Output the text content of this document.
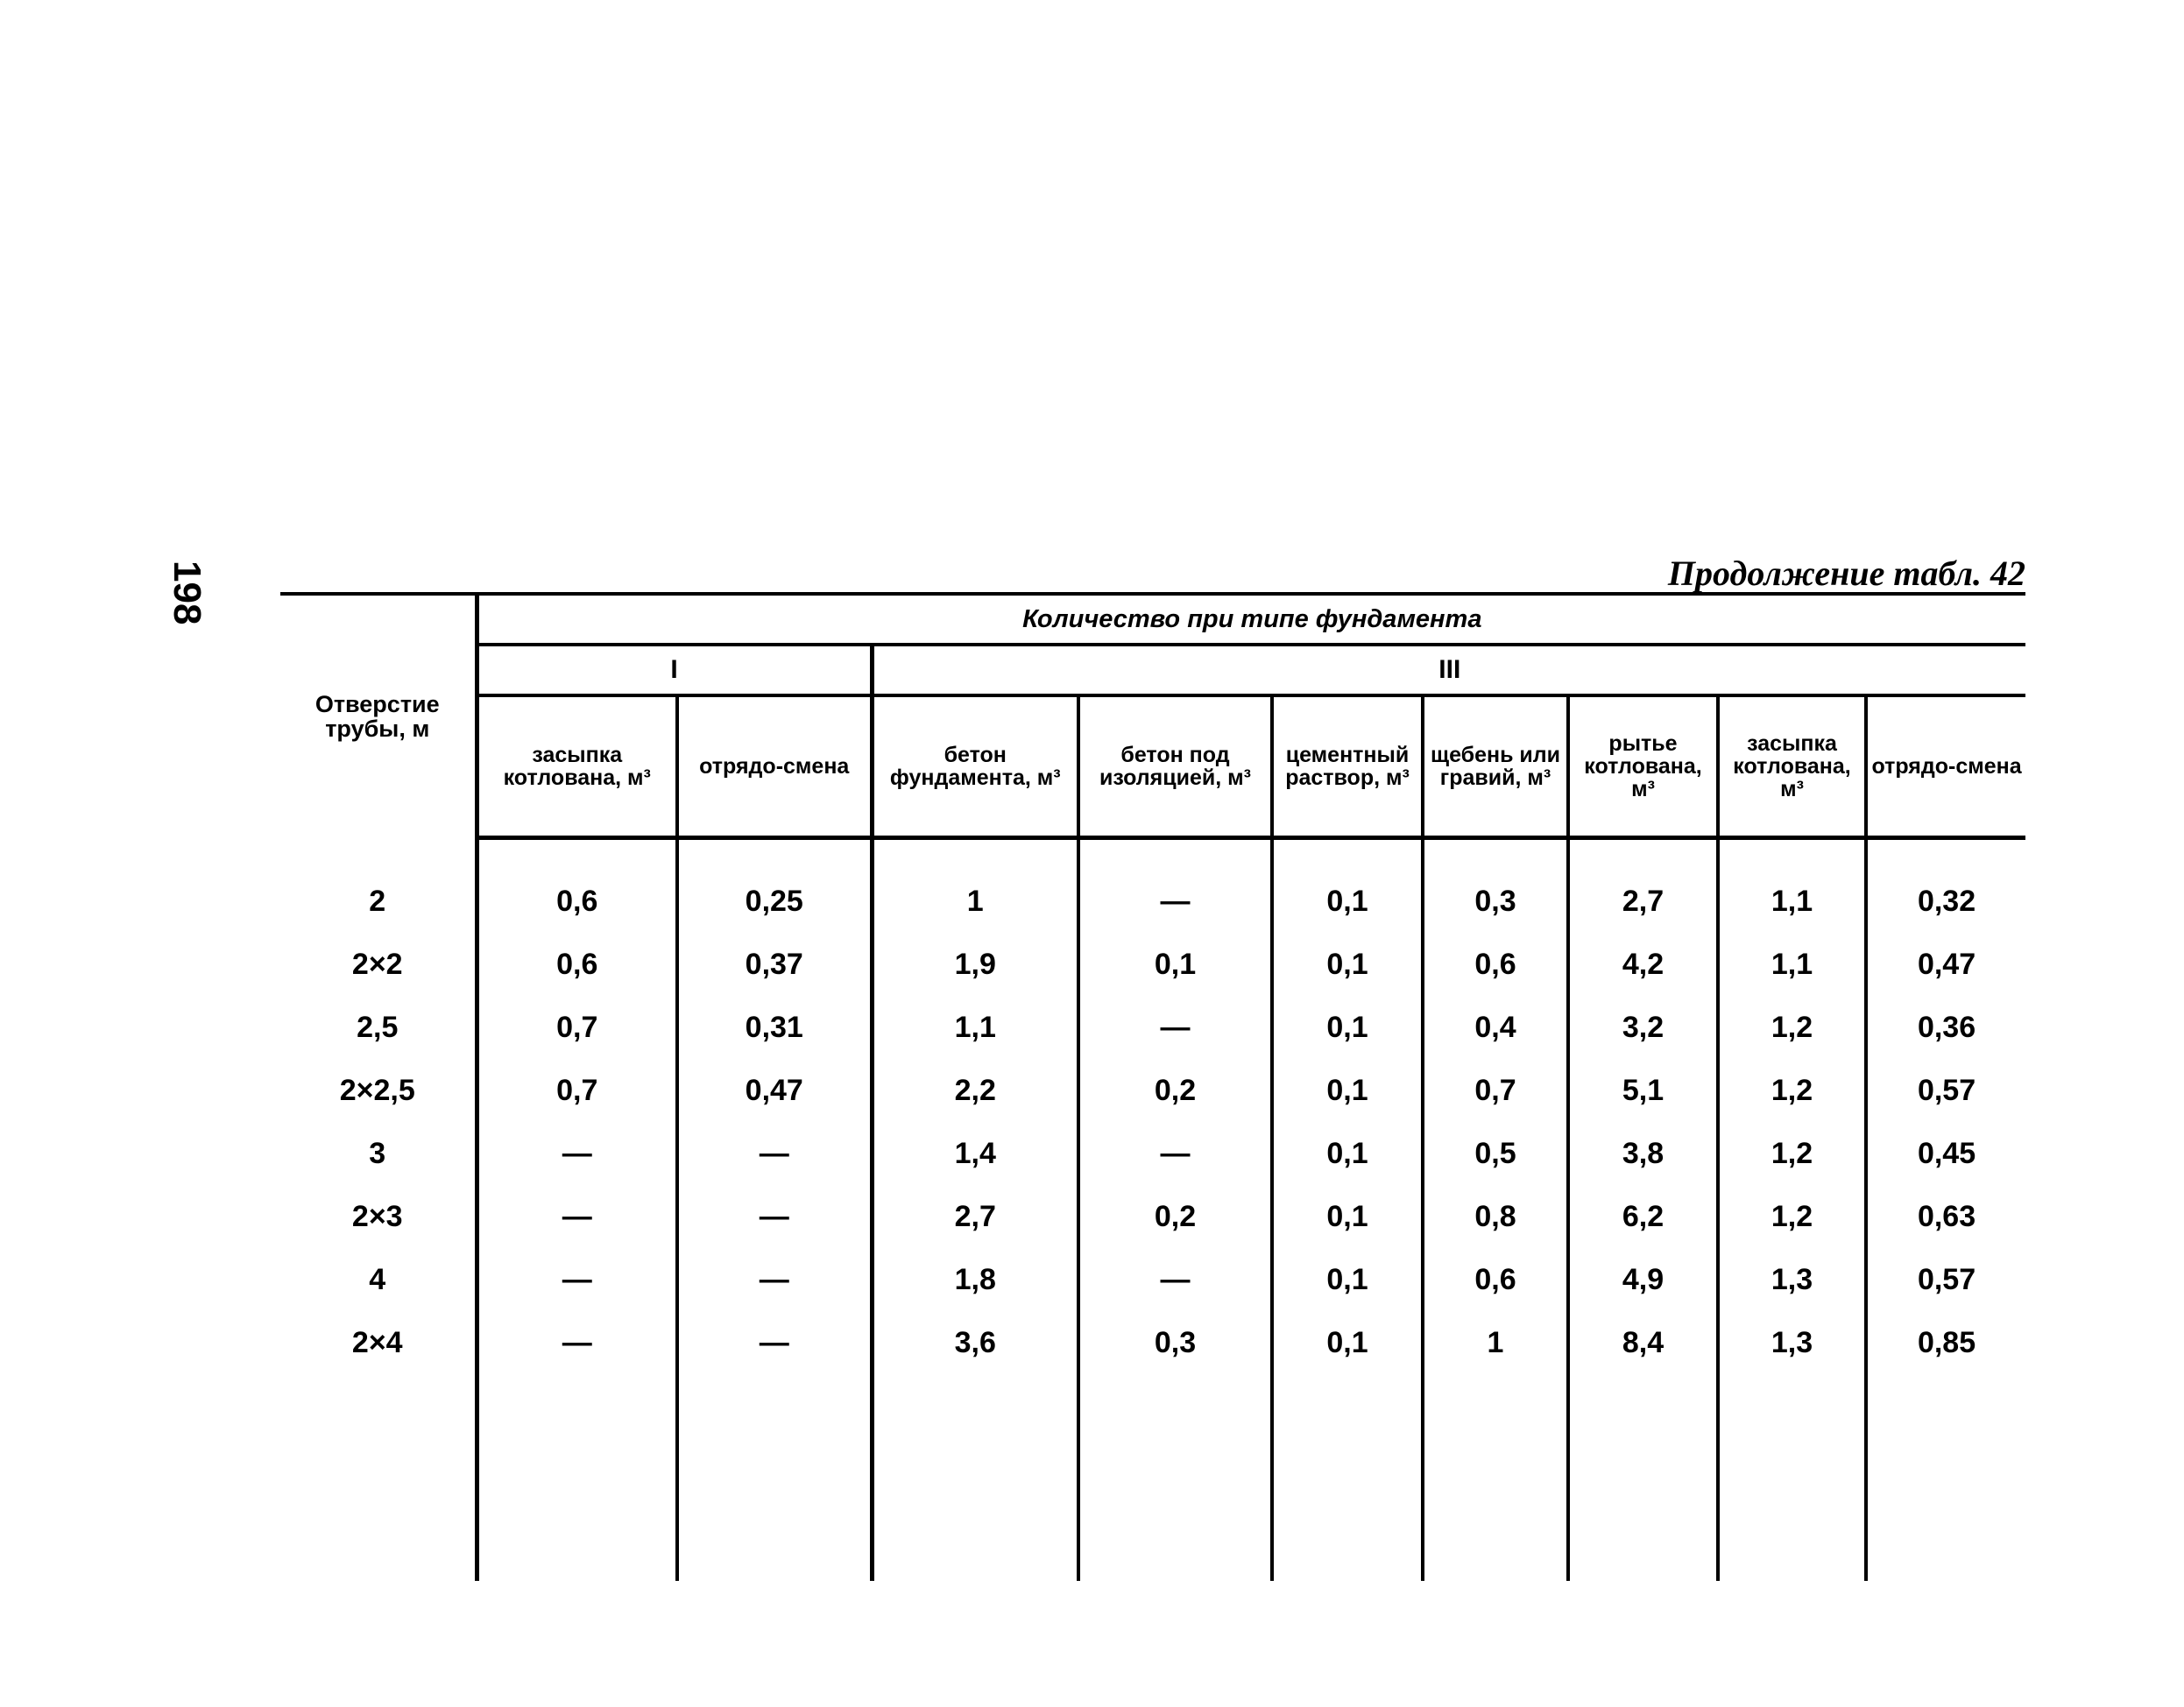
198	Продолжение табл. 42
Отверстие трубы, м	Количество при типе фундамента								
	I		III						
	засыпка котлована, м³	отрядо-смена	бетон фундамента, м³	бетон под изоляцией, м³	цементный раствор, м³	щебень или гравий, м³	рытье котлована, м³	засыпка котлована, м³	отрядо-смена

2	0,6	0,25	1	—	0,1	0,3	2,7	1,1	0,32
2×2	0,6	0,37	1,9	0,1	0,1	0,6	4,2	1,1	0,47
2,5	0,7	0,31	1,1	—	0,1	0,4	3,2	1,2	0,36
2×2,5	0,7	0,47	2,2	0,2	0,1	0,7	5,1	1,2	0,57
3	—	—	1,4	—	0,1	0,5	3,8	1,2	0,45
2×3	—	—	2,7	0,2	0,1	0,8	6,2	1,2	0,63
4	—	—	1,8	—	0,1	0,6	4,9	1,3	0,57
2×4	—	—	3,6	0,3	0,1	1	8,4	1,3	0,85
